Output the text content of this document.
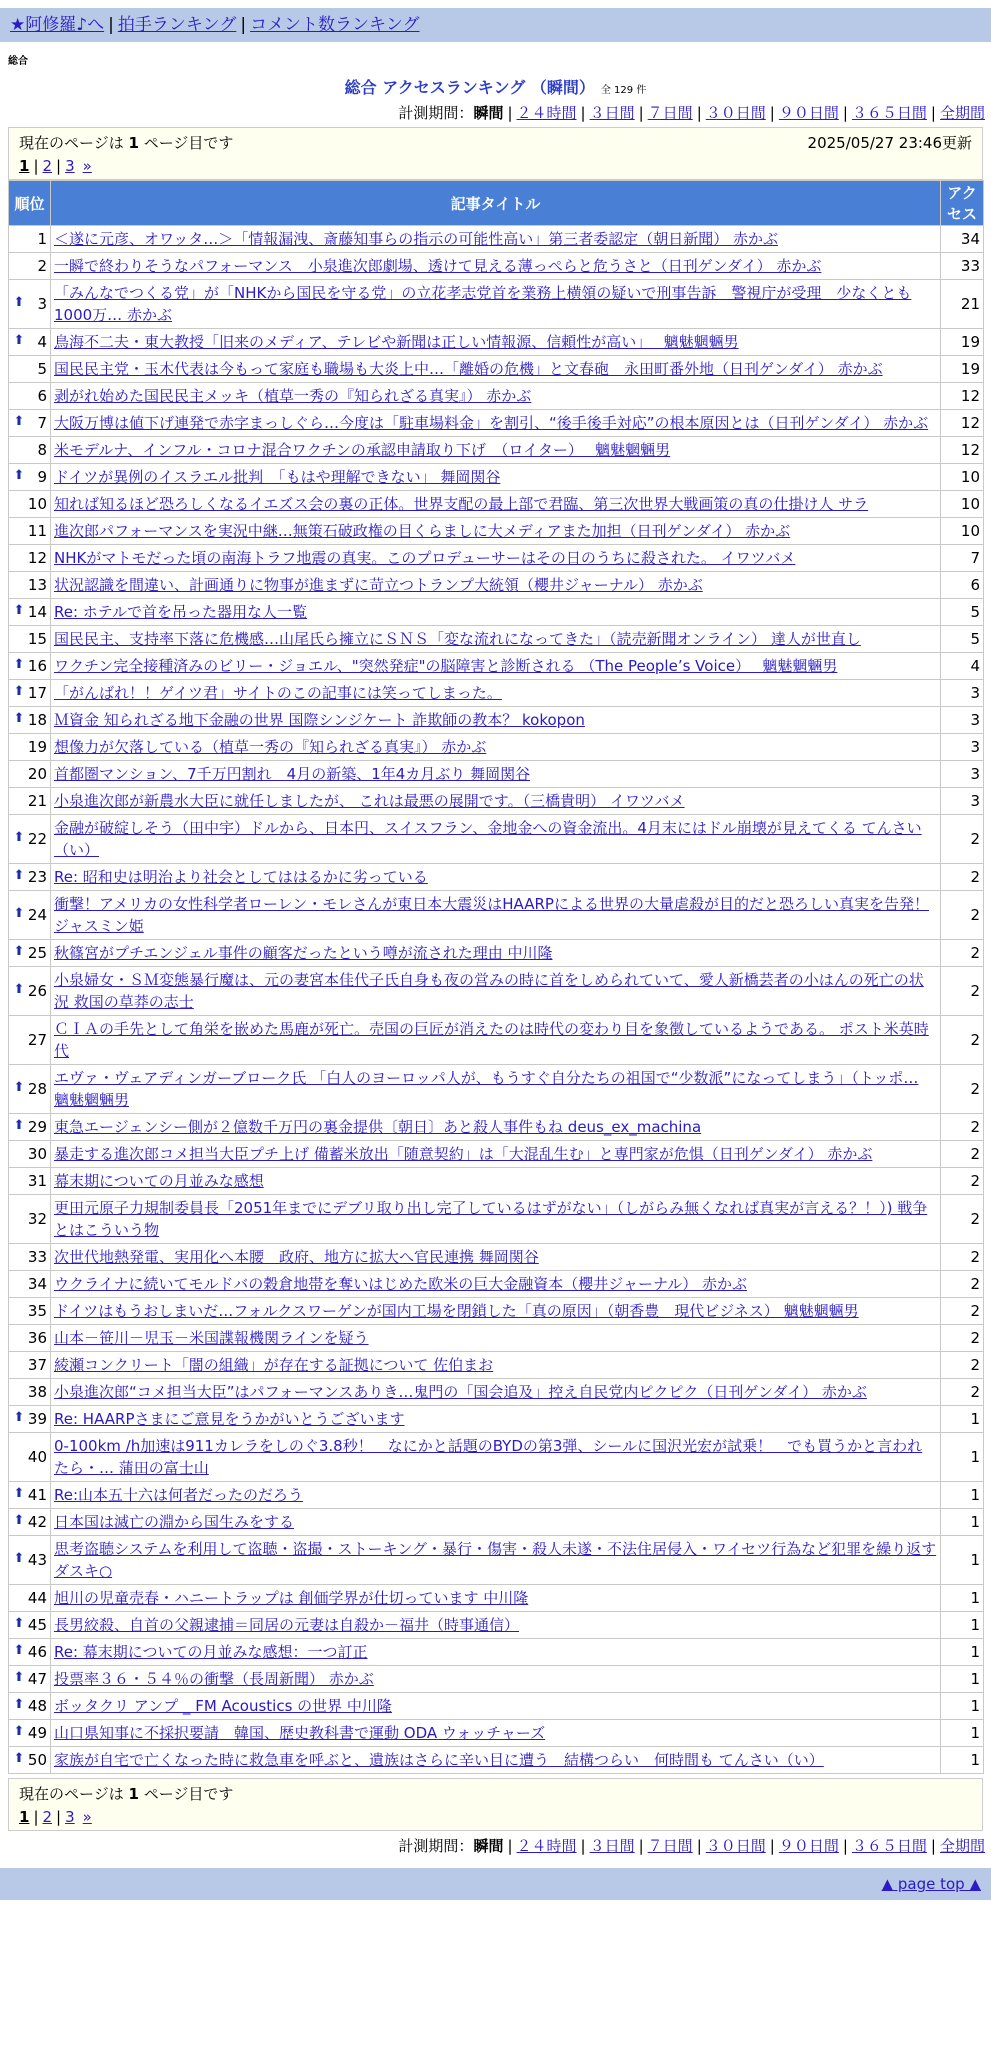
★阿修羅♪へ | 拍手ランキング | コメント数ランキング
総合
総合 アクセスランキング （瞬間） 全 129 件
計測期間：瞬間 | ２４時間 | ３日間 | ７日間 | ３０日間 | ９０日間 | ３６５日間 | 全期間
現在のページは 1 ページ目です	2025/05/27 23:46更新
1 | 2 | 3 »
順位	記事タイトル	アクセス
1	＜遂に元彦、オワッタ…＞「情報漏洩、斎藤知事らの指示の可能性高い」第三者委認定（朝日新聞） 赤かぶ	34
2	一瞬で終わりそうなパフォーマンス　小泉進次郎劇場、透けて見える薄っぺらと危うさと（日刊ゲンダイ） 赤かぶ	33

⬆ 3	「みんなでつくる党」が「NHKから国民を守る党」の立花孝志党首を業務上横領の疑いで刑事告訴　警視庁が受理　少なくとも1000万… 赤かぶ	21

⬆ 4	鳥海不二夫・東大教授「旧来のメディア、テレビや新聞は正しい情報源、信頼性が高い」　 魑魅魍魎男	19
5	国民民主党・玉木代表は今もって家庭も職場も大炎上中…「離婚の危機」と文春砲　永田町番外地（日刊ゲンダイ） 赤かぶ	19
6	剥がれ始めた国民民主メッキ（植草一秀の『知られざる真実』） 赤かぶ	12

⬆ 7	大阪万博は値下げ連発で赤字まっしぐら…今度は「駐車場料金」を割引、“後手後手対応”の根本原因とは（日刊ゲンダイ） 赤かぶ	12
8	米モデルナ、インフル・コロナ混合ワクチンの承認申請取り下げ　（ロイター）　 魑魅魍魎男	12

⬆ 9	ドイツが異例のイスラエル批判　「もはや理解できない」 舞岡関谷	10
10	知れば知るほど恐ろしくなるイエズス会の裏の正体。世界支配の最上部で君臨、第三次世界大戦画策の真の仕掛け人 サラ	10
11	進次郎パフォーマンスを実況中継…無策石破政権の目くらましに大メディアまた加担（日刊ゲンダイ） 赤かぶ	10
12	NHKがマトモだった頃の南海トラフ地震の真実。このプロデューサーはその日のうちに殺された。 イワツバメ	7
13	状況認識を間違い、計画通りに物事が進まずに苛立つトランプ大統領（櫻井ジャーナル） 赤かぶ	6

⬆ 14	Re: ホテルで首を吊った器用な人一覧	5
15	国民民主、支持率下落に危機感…山尾氏ら擁立にＳＮＳ「変な流れになってきた」（読売新聞オンライン） 達人が世直し	5

⬆ 16	ワクチン完全接種済みのビリー・ジョエル、"突然発症"の脳障害と診断される （The People’s Voice）　 魑魅魍魎男	4

⬆ 17	「がんばれ！！ゲイツ君」サイトのこの記事には笑ってしまった。	3

⬆ 18	Ｍ資金 知られざる地下金融の世界 国際シンジケート 詐欺師の教本？ kokopon	3
19	想像力が欠落している（植草一秀の『知られざる真実』） 赤かぶ	3
20	首都圏マンション、7千万円割れ　4月の新築、1年4カ月ぶり 舞岡関谷	3
21	小泉進次郎が新農水大臣に就任しましたが、 これは最悪の展開です。（三橋貴明） イワツバメ	3

⬆ 22	金融が破綻しそう（田中宇）ドルから、日本円、スイスフラン、金地金への資金流出。4月末にはドル崩壊が見えてくる てんさい（い）	2

⬆ 23	Re: 昭和史は明治より社会としてははるかに劣っている	2

⬆ 24	衝撃！アメリカの女性科学者ローレン・モレさんが東日本大震災はHAARPによる世界の大量虐殺が目的だと恐ろしい真実を告発！ ジャスミン姫	2

⬆ 25	秋篠宮がプチエンジェル事件の顧客だったという噂が流された理由 中川隆	2

⬆ 26	小泉婦女・ＳＭ変態暴行魔は、元の妻宮本佳代子氏自身も夜の営みの時に首をしめられていて、愛人新橋芸者の小はんの死亡の状況 救国の草莽の志士	2
27	ＣＩＡの手先として角栄を嵌めた馬鹿が死亡。売国の巨匠が消えたのは時代の変わり目を象徴しているようである。 ポスト米英時代	2

⬆ 28	エヴァ・ヴェアディンガーブローク氏 「白人のヨーロッパ人が、もうすぐ自分たちの祖国で“少数派”になってしまう」（トッポ… 魑魅魍魎男	2

⬆ 29	東急エージェンシー側が２億数千万円の裏金提供〔朝日〕あと殺人事件もね deus_ex_machina	2
30	暴走する進次郎コメ担当大臣プチ上げ 備蓄米放出「随意契約」は「大混乱生む」と専門家が危惧（日刊ゲンダイ） 赤かぶ	2
31	幕末期についての月並みな感想	2
32	更田元原子力規制委員長「2051年までにデブリ取り出し完了しているはずがない」（しがらみ無くなれば真実が言える？！）) 戦争とはこういう物	2
33	次世代地熱発電、実用化へ本腰　政府、地方に拡大へ官民連携 舞岡関谷	2
34	ウクライナに続いてモルドバの穀倉地帯を奪いはじめた欧米の巨大金融資本（櫻井ジャーナル） 赤かぶ	2
35	ドイツはもうおしまいだ…フォルクスワーゲンが国内工場を閉鎖した「真の原因」（朝香豊　現代ビジネス） 魑魅魍魎男	2
36	山本－笹川－児玉－米国諜報機関ラインを疑う	2
37	綾瀬コンクリート「闇の組織」が存在する証拠について 佐伯まお	2
38	小泉進次郎“コメ担当大臣”はパフォーマンスありき…鬼門の「国会追及」控え自民党内ピクピク（日刊ゲンダイ） 赤かぶ	2

⬆ 39	Re: HAARPさまにご意見をうかがいとうございます	1
40	0-100km /h加速は911カレラをしのぐ3.8秒！　なにかと話題のBYDの第3弾、シールに国沢光宏が試乗！　でも買うかと言われたら・… 蒲田の富士山	1

⬆ 41	Re:山本五十六は何者だったのだろう	1

⬆ 42	日本国は滅亡の淵から国生みをする	1

⬆ 43	思考盗聴システムを利用して盗聴・盗撮・ストーキング・暴行・傷害・殺人未遂・不法住居侵入・ワイセツ行為など犯罪を繰り返すダスキ○	1
44	旭川の児童売春・ハニートラップは 創価学界が仕切っています 中川隆	1

⬆ 45	長男絞殺、自首の父親逮捕＝同居の元妻は自殺か－福井（時事通信）	1

⬆ 46	Re: 幕末期についての月並みな感想：一つ訂正	1

⬆ 47	投票率３６・５４％の衝撃（長周新聞） 赤かぶ	1

⬆ 48	ボッタクリ アンプ _ FM Acoustics の世界 中川隆	1

⬆ 49	山口県知事に不採択要請　韓国、歴史教科書で運動 ODA ウォッチャーズ	1

⬆ 50	家族が自宅で亡くなった時に救急車を呼ぶと、遺族はさらに辛い目に遭う　結構つらい　何時間も てんさい（い）	1
現在のページは 1 ページ目です
1 | 2 | 3 »
計測期間：瞬間 | ２４時間 | ３日間 | ７日間 | ３０日間 | ９０日間 | ３６５日間 | 全期間
▲ page top ▲
